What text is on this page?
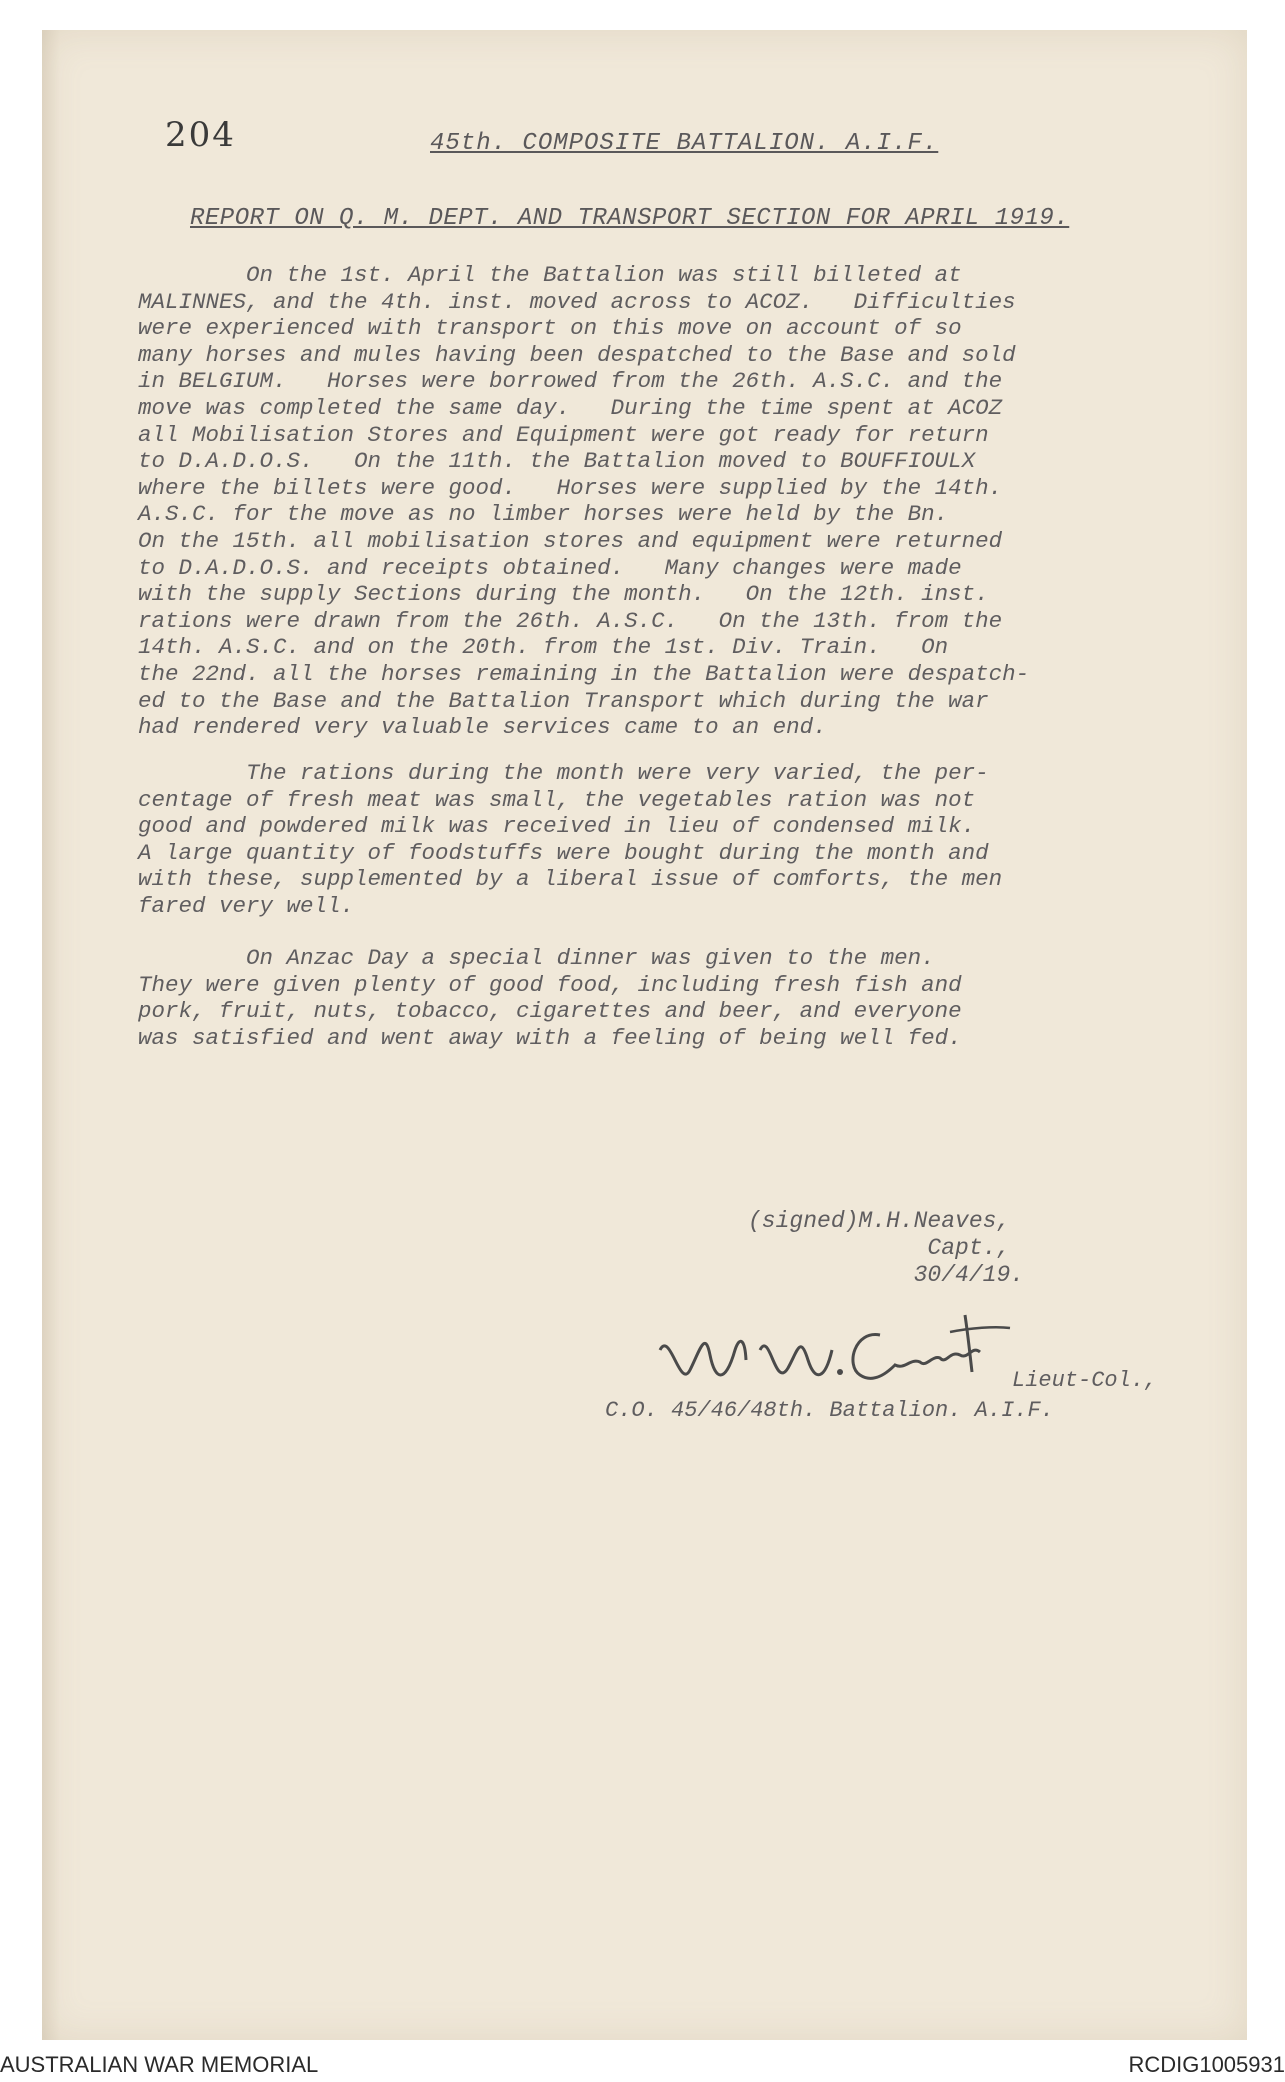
204	45th. COMPOSITE BATTALION. A.I.F.
REPORT ON Q. M. DEPT. AND TRANSPORT SECTION FOR APRIL 1919.
On the 1st. April the Battalion was still billeted at
MALINNES, and the 4th. inst. moved across to ACOZ.   Difficulties
were experienced with transport on this move on account of so
many horses and mules having been despatched to the Base and sold
in BELGIUM.   Horses were borrowed from the 26th. A.S.C. and the
move was completed the same day.   During the time spent at ACOZ
all Mobilisation Stores and Equipment were got ready for return
to D.A.D.O.S.   On the 11th. the Battalion moved to BOUFFIOULX
where the billets were good.   Horses were supplied by the 14th.
A.S.C. for the move as no limber horses were held by the Bn.
On the 15th. all mobilisation stores and equipment were returned
to D.A.D.O.S. and receipts obtained.   Many changes were made
with the supply Sections during the month.   On the 12th. inst.
rations were drawn from the 26th. A.S.C.   On the 13th. from the
14th. A.S.C. and on the 20th. from the 1st. Div. Train.   On
the 22nd. all the horses remaining in the Battalion were despatch-
ed to the Base and the Battalion Transport which during the war
had rendered very valuable services came to an end.
The rations during the month were very varied, the per-
centage of fresh meat was small, the vegetables ration was not
good and powdered milk was received in lieu of condensed milk.
A large quantity of foodstuffs were bought during the month and
with these, supplemented by a liberal issue of comforts, the men
fared very well.
On Anzac Day a special dinner was given to the men.
They were given plenty of good food, including fresh fish and
pork, fruit, nuts, tobacco, cigarettes and beer, and everyone
was satisfied and went away with a feeling of being well fed.
(signed)M.H.Neaves,
Capt.,
30/4/19.
Lieut-Col.,
C.O. 45/46/48th. Battalion. A.I.F.
AUSTRALIAN WAR MEMORIAL	RCDIG1005931
